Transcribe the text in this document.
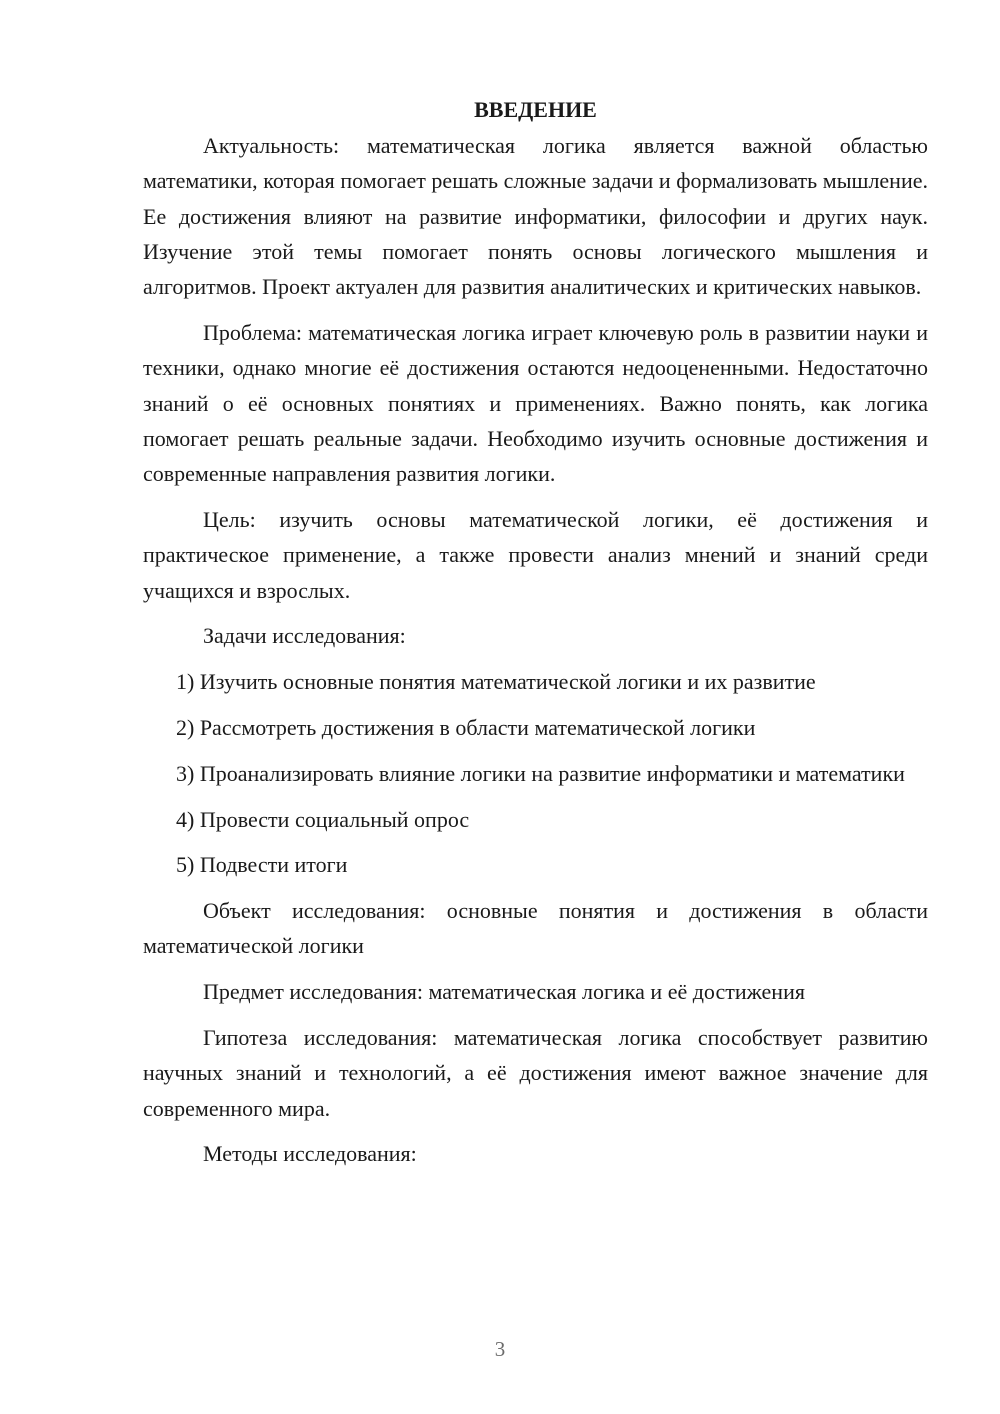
ВВЕДЕНИЕ

Актуальность: математическая логика является важной областью математики, которая помогает решать сложные задачи и формализовать мышление. Ее достижения влияют на развитие информатики, философии и других наук. Изучение этой темы помогает понять основы логического мышления и алгоритмов. Проект актуален для развития аналитических и критических навыков.

Проблема: математическая логика играет ключевую роль в развитии науки и техники, однако многие её достижения остаются недооцененными. Недостаточно знаний о её основных понятиях и применениях. Важно понять, как логика помогает решать реальные задачи. Необходимо изучить основные достижения и современные направления развития логики.

Цель: изучить основы математической логики, её достижения и практическое применение, а также провести анализ мнений и знаний среди учащихся и взрослых.

Задачи исследования:

1) Изучить основные понятия математической логики и их развитие

2) Рассмотреть достижения в области математической логики

3) Проанализировать влияние логики на развитие информатики и математики

4) Провести социальный опрос

5) Подвести итоги

Объект исследования: основные понятия и достижения в области математической логики

Предмет исследования: математическая логика и её достижения

Гипотеза исследования: математическая логика способствует развитию научных знаний и технологий, а её достижения имеют важное значение для современного мира.

Методы исследования:

3
